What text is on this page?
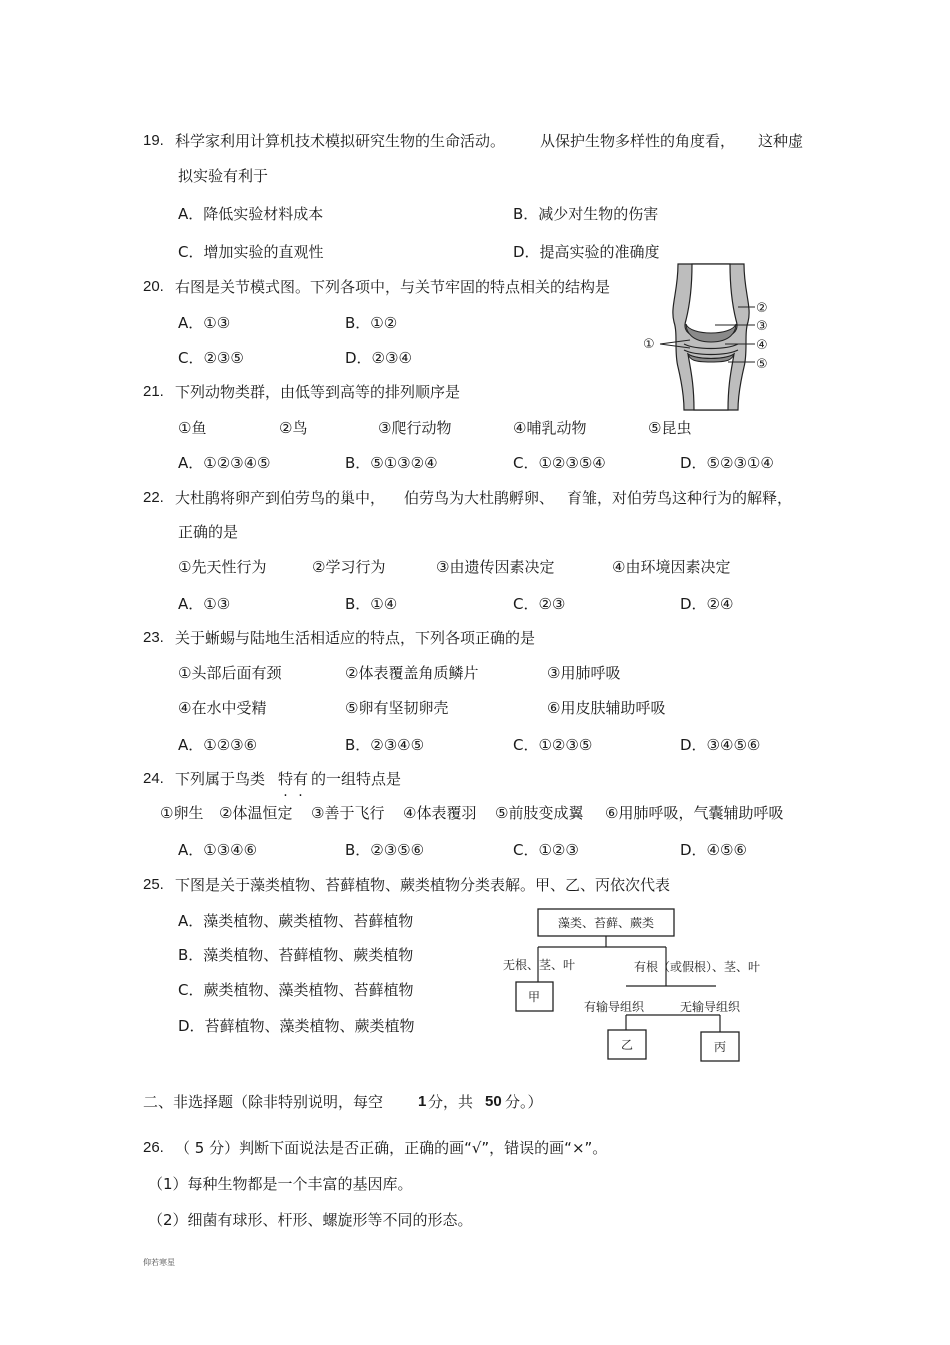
19. 科学家利用计算机技术模拟研究生物的生命活动。 从保护生物多样性的角度看， 这种虚
拟实验有利于
A．降低实验材料成本	B．减少对生物的伤害
C．增加实验的直观性	D．提高实验的准确度
20. 右图是关节模式图。下列各项中，与关节牢固的特点相关的结构是
A．①③	B．①②
C．②③⑤	D．②③④
②
③
④
⑤
①
21. 下列动物类群，由低等到高等的排列顺序是
①鱼	②鸟	③爬行动物	④哺乳动物	⑤昆虫
A．①②③④⑤	B．⑤①③②④	C．①②③⑤④	D．⑤②③①④
22. 大杜鹃将卵产到伯劳鸟的巢中， 伯劳鸟为大杜鹃孵卵、 育雏， 对伯劳鸟这种行为的解释，
正确的是
①先天性行为	②学习行为	③由遗传因素决定	④由环境因素决定
A．①③	B．①④	C．②③	D．②④
23. 关于蜥蜴与陆地生活相适应的特点，下列各项正确的是
①头部后面有颈	②体表覆盖角质鳞片	③用肺呼吸
④在水中受精	⑤卵有坚韧卵壳	⑥用皮肤辅助呼吸
A．①②③⑥	B．②③④⑤	C．①②③⑤	D．③④⑤⑥
24. 下列属于鸟类 特有 的一组特点是
①卵生 ②体温恒定 ③善于飞行 ④体表覆羽 ⑤前肢变成翼 ⑥用肺呼吸，气囊辅助呼吸
A．①③④⑥	B．②③⑤⑥	C．①②③	D．④⑤⑥
25. 下图是关于藻类植物、苔藓植物、蕨类植物分类表解。甲、乙、丙依次代表
A．藻类植物、蕨类植物、苔藓植物
B．藻类植物、苔藓植物、蕨类植物
C．蕨类植物、藻类植物、苔藓植物
D．苔藓植物、藻类植物、蕨类植物
藻类、苔藓、蕨类
无根、茎、叶	有根（或假根）、茎、叶
甲
有输导组织	无输导组织
乙	丙
二、非选择题（除非特别说明，每空 1 分，共 50 分。）
26. （ 5 分）判断下面说法是否正确，正确的画“√”，错误的画“×”。
（1）每种生物都是一个丰富的基因库。
（2）细菌有球形、杆形、螺旋形等不同的形态。
仰若寒星
